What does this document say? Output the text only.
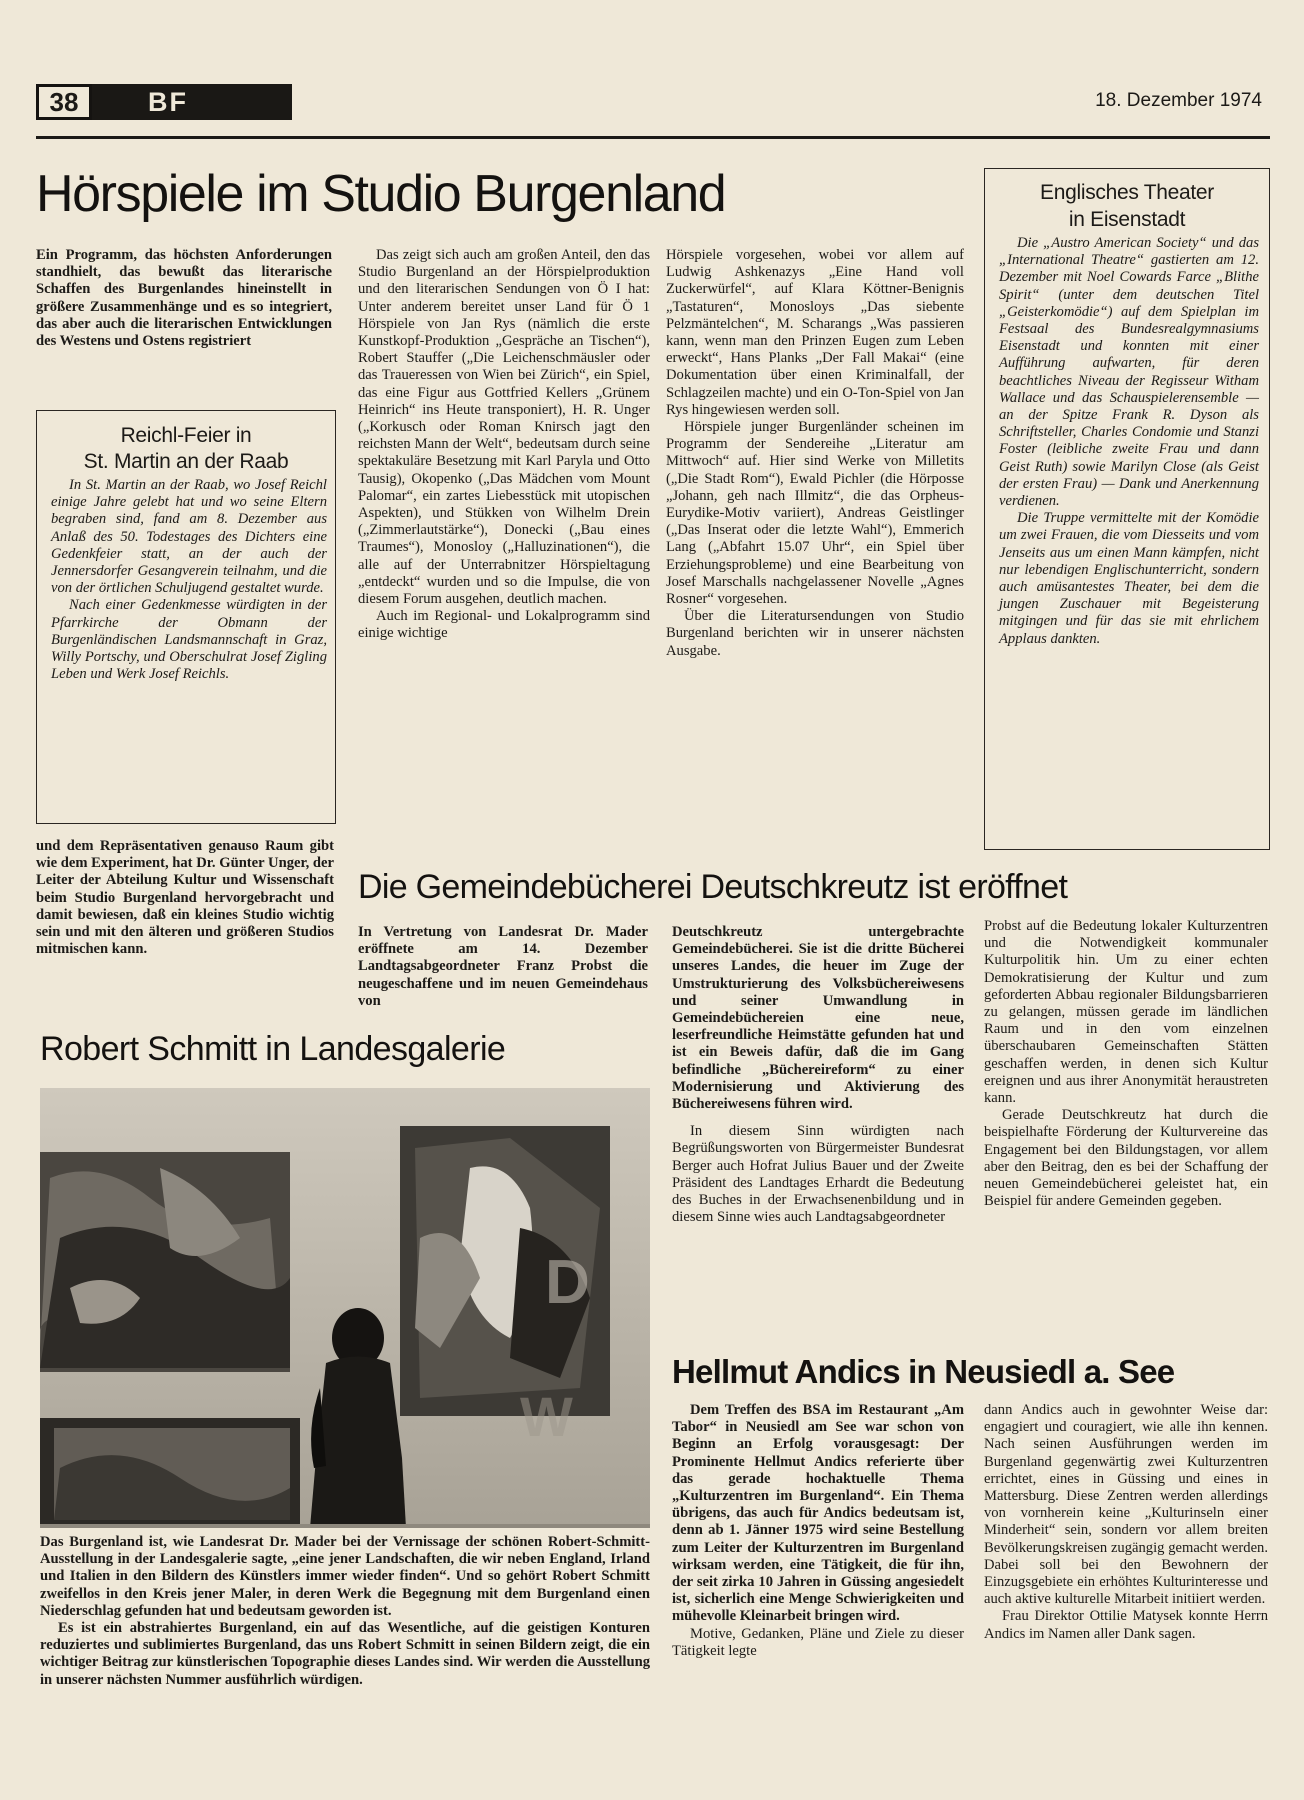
38	BF	18. Dezember 1974
Hörspiele im Studio Burgenland
Ein Programm, das höchsten Anforderungen standhielt, das bewußt das literarische Schaffen des Burgenlandes hineinstellt in größere Zusammenhänge und es so integriert, das aber auch die literarischen Entwicklungen des Westens und Ostens registriert
Reichl-Feier in
St. Martin an der Raab

In St. Martin an der Raab, wo Josef Reichl einige Jahre gelebt hat und wo seine Eltern begraben sind, fand am 8. Dezember aus Anlaß des 50. Todestages des Dichters eine Gedenkfeier statt, an der auch der Jennersdorfer Gesangverein teilnahm, und die von der örtlichen Schuljugend gestaltet wurde.

Nach einer Gedenkmesse würdigten in der Pfarrkirche der Obmann der Burgenländischen Landsmannschaft in Graz, Willy Portschy, und Oberschulrat Josef Zigling Leben und Werk Josef Reichls.

und dem Repräsentativen genauso Raum gibt wie dem Experiment, hat Dr. Günter Unger, der Leiter der Abteilung Kultur und Wissenschaft beim Studio Burgenland hervorgebracht und damit bewiesen, daß ein kleines Studio wichtig sein und mit den älteren und größeren Studios mitmischen kann.

Das zeigt sich auch am großen Anteil, den das Studio Burgenland an der Hörspielproduktion und den literarischen Sendungen von Ö I hat: Unter anderem bereitet unser Land für Ö 1 Hörspiele von Jan Rys (nämlich die erste Kunstkopf-Produktion „Gespräche an Tischen“), Robert Stauffer („Die Leichenschmäusler oder das Traueressen von Wien bei Zürich“, ein Spiel, das eine Figur aus Gottfried Kellers „Grünem Heinrich“ ins Heute transponiert), H. R. Unger („Korkusch oder Roman Knirsch jagt den reichsten Mann der Welt“, bedeutsam durch seine spektakuläre Besetzung mit Karl Paryla und Otto Tausig), Okopenko („Das Mädchen vom Mount Palomar“, ein zartes Liebesstück mit utopischen Aspekten), und Stükken von Wilhelm Drein („Zimmerlautstärke“), Donecki („Bau eines Traumes“), Monosloy („Halluzinationen“), die alle auf der Unterrabnitzer Hörspieltagung „entdeckt“ wurden und so die Impulse, die von diesem Forum ausgehen, deutlich machen.

Auch im Regional- und Lokalprogramm sind einige wichtige

Hörspiele vorgesehen, wobei vor allem auf Ludwig Ashkenazys „Eine Hand voll Zuckerwürfel“, auf Klara Köttner-Benignis „Tastaturen“, Monosloys „Das siebente Pelzmäntelchen“, M. Scharangs „Was passieren kann, wenn man den Prinzen Eugen zum Leben erweckt“, Hans Planks „Der Fall Makai“ (eine Dokumentation über einen Kriminalfall, der Schlagzeilen machte) und ein O-Ton-Spiel von Jan Rys hingewiesen werden soll.

Hörspiele junger Burgenländer scheinen im Programm der Sendereihe „Literatur am Mittwoch“ auf. Hier sind Werke von Milletits („Die Stadt Rom“), Ewald Pichler (die Hörposse „Johann, geh nach Illmitz“, die das Orpheus-Eurydike-Motiv variiert), Andreas Geistlinger („Das Inserat oder die letzte Wahl“), Emmerich Lang („Abfahrt 15.07 Uhr“, ein Spiel über Erziehungsprobleme) und eine Bearbeitung von Josef Marschalls nachgelassener Novelle „Agnes Rosner“ vorgesehen.

Über die Literatursendungen von Studio Burgenland berichten wir in unserer nächsten Ausgabe.

Englisches Theater
in Eisenstadt

Die „Austro American Society“ und das „International Theatre“ gastierten am 12. Dezember mit Noel Cowards Farce „Blithe Spirit“ (unter dem deutschen Titel „Geisterkomödie“) auf dem Spielplan im Festsaal des Bundesrealgymnasiums Eisenstadt und konnten mit einer Aufführung aufwarten, für deren beachtliches Niveau der Regisseur Witham Wallace und das Schauspielerensemble — an der Spitze Frank R. Dyson als Schriftsteller, Charles Condomie und Stanzi Foster (leibliche zweite Frau und dann Geist Ruth) sowie Marilyn Close (als Geist der ersten Frau) — Dank und Anerkennung verdienen.

Die Truppe vermittelte mit der Komödie um zwei Frauen, die vom Diesseits und vom Jenseits aus um einen Mann kämpfen, nicht nur lebendigen Englischunterricht, sondern auch amüsantestes Theater, bei dem die jungen Zuschauer mit Begeisterung mitgingen und für das sie mit ehrlichem Applaus dankten.

Die Gemeindebücherei Deutschkreutz ist eröffnet
In Vertretung von Landesrat Dr. Mader eröffnete am 14. Dezember Landtagsabgeordneter Franz Probst die neugeschaffene und im neuen Gemeindehaus von

Deutschkreutz untergebrachte Gemeindebücherei. Sie ist die dritte Bücherei unseres Landes, die heuer im Zuge der Umstrukturierung des Volksbüchereiwesens und seiner Umwandlung in Gemeindebüchereien eine neue, leserfreundliche Heimstätte gefunden hat und ist ein Beweis dafür, daß die im Gang befindliche „Büchereireform“ zu einer Modernisierung und Aktivierung des Büchereiwesens führen wird.

In diesem Sinn würdigten nach Begrüßungsworten von Bürgermeister Bundesrat Berger auch Hofrat Julius Bauer und der Zweite Präsident des Landtages Erhardt die Bedeutung des Buches in der Erwachsenenbildung und in diesem Sinne wies auch Landtagsabgeordneter

Probst auf die Bedeutung lokaler Kulturzentren und die Notwendigkeit kommunaler Kulturpolitik hin. Um zu einer echten Demokratisierung der Kultur und zum geforderten Abbau regionaler Bildungsbarrieren zu gelangen, müssen gerade im ländlichen Raum und in den vom einzelnen überschaubaren Gemeinschaften Stätten geschaffen werden, in denen sich Kultur ereignen und aus ihrer Anonymität heraustreten kann.

Gerade Deutschkreutz hat durch die beispielhafte Förderung der Kulturvereine das Engagement bei den Bildungstagen, vor allem aber den Beitrag, den es bei der Schaffung der neuen Gemeindebücherei geleistet hat, ein Beispiel für andere Gemeinden gegeben.

Robert Schmitt in Landesgalerie
D
W

Das Burgenland ist, wie Landesrat Dr. Mader bei der Vernissage der schönen Robert-Schmitt-Ausstellung in der Landesgalerie sagte, „eine jener Landschaften, die wir neben England, Irland und Italien in den Bildern des Künstlers immer wieder finden“. Und so gehört Robert Schmitt zweifellos in den Kreis jener Maler, in deren Werk die Begegnung mit dem Burgenland einen Niederschlag gefunden hat und bedeutsam geworden ist.

Es ist ein abstrahiertes Burgenland, ein auf das Wesentliche, auf die geistigen Konturen reduziertes und sublimiertes Burgenland, das uns Robert Schmitt in seinen Bildern zeigt, die ein wichtiger Beitrag zur künstlerischen Topographie dieses Landes sind. Wir werden die Ausstellung in unserer nächsten Nummer ausführlich würdigen.

Hellmut Andics in Neusiedl a. See

Dem Treffen des BSA im Restaurant „Am Tabor“ in Neusiedl am See war schon von Beginn an Erfolg vorausgesagt: Der Prominente Hellmut Andics referierte über das gerade hochaktuelle Thema „Kulturzentren im Burgenland“. Ein Thema übrigens, das auch für Andics bedeutsam ist, denn ab 1. Jänner 1975 wird seine Bestellung zum Leiter der Kulturzentren im Burgenland wirksam werden, eine Tätigkeit, die für ihn, der seit zirka 10 Jahren in Güssing angesiedelt ist, sicherlich eine Menge Schwierigkeiten und mühevolle Kleinarbeit bringen wird.

Motive, Gedanken, Pläne und Ziele zu dieser Tätigkeit legte

dann Andics auch in gewohnter Weise dar: engagiert und couragiert, wie alle ihn kennen. Nach seinen Ausführungen werden im Burgenland gegenwärtig zwei Kulturzentren errichtet, eines in Güssing und eines in Mattersburg. Diese Zentren werden allerdings von vornherein keine „Kulturinseln einer Minderheit“ sein, sondern vor allem breiten Bevölkerungskreisen zugängig gemacht werden. Dabei soll bei den Bewohnern der Einzugsgebiete ein erhöhtes Kulturinteresse und auch aktive kulturelle Mitarbeit initiiert werden.

Frau Direktor Ottilie Matysek konnte Herrn Andics im Namen aller Dank sagen.
